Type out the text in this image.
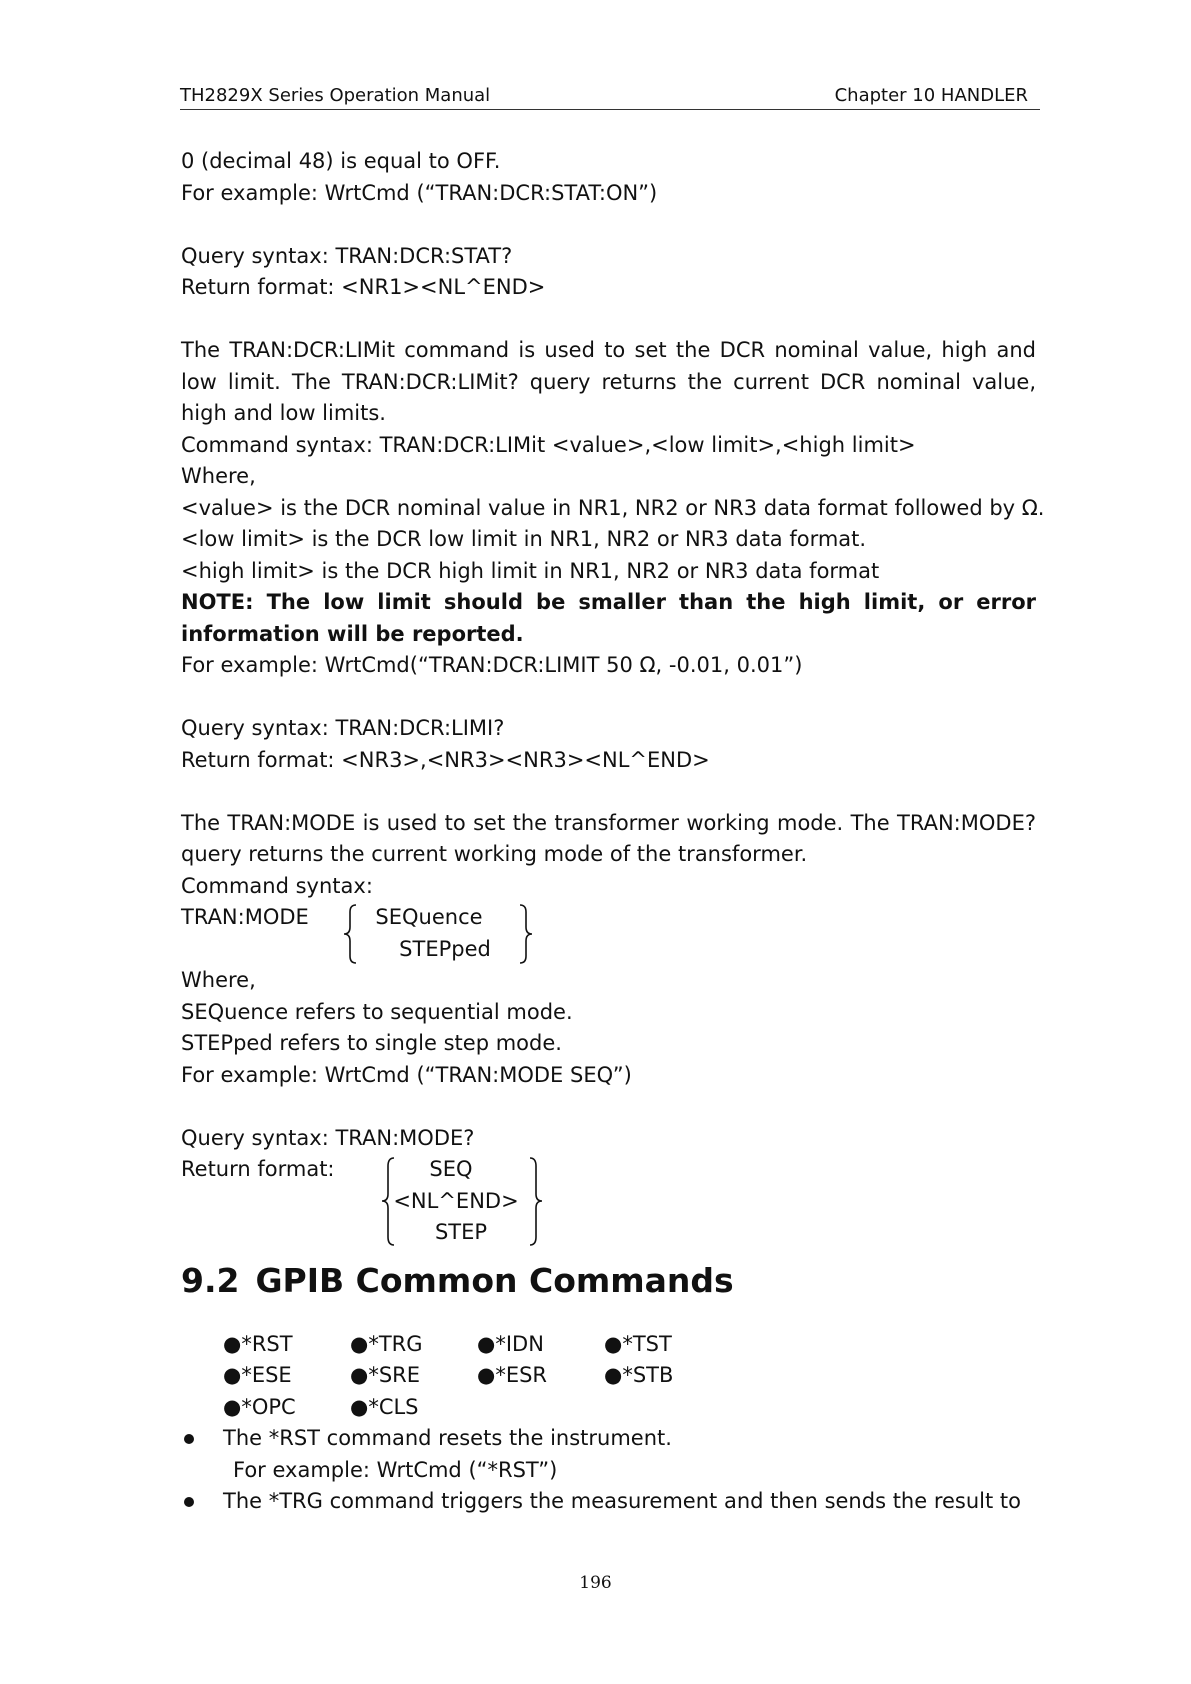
TH2829X Series Operation Manual	Chapter 10 HANDLER
0 (decimal 48) is equal to OFF.
For example: WrtCmd (“TRAN:DCR:STAT:ON”)
Query syntax: TRAN:DCR:STAT?
Return format: <NR1><NL^END>
The TRAN:DCR:LIMit command is used to set the DCR nominal value, high and
low limit. The TRAN:DCR:LIMit? query returns the current DCR nominal value,
high and low limits.
Command syntax: TRAN:DCR:LIMit <value>,<low limit>,<high limit>
Where,
<value> is the DCR nominal value in NR1, NR2 or NR3 data format followed by Ω.
<low limit> is the DCR low limit in NR1, NR2 or NR3 data format.
<high limit> is the DCR high limit in NR1, NR2 or NR3 data format
NOTE: The low limit should be smaller than the high limit, or error
information will be reported.
For example: WrtCmd(“TRAN:DCR:LIMIT 50 Ω, -0.01, 0.01”)
Query syntax: TRAN:DCR:LIMI?
Return format: <NR3>,<NR3><NR3><NL^END>
The TRAN:MODE is used to set the transformer working mode. The TRAN:MODE?
query returns the current working mode of the transformer.
Command syntax:
TRAN:MODE	SEQuence
STEPped
Where,
SEQuence refers to sequential mode.
STEPped refers to single step mode.
For example: WrtCmd (“TRAN:MODE SEQ”)
Query syntax: TRAN:MODE?
Return format:	SEQ
<NL^END>
STEP
9.2 GPIB Common Commands
●*RST	●*TRG	●*IDN	●*TST
●*ESE	●*SRE	●*ESR	●*STB
●*OPC	●*CLS
The *RST command resets the instrument.
For example: WrtCmd (“*RST”)
The *TRG command triggers the measurement and then sends the result to
196
